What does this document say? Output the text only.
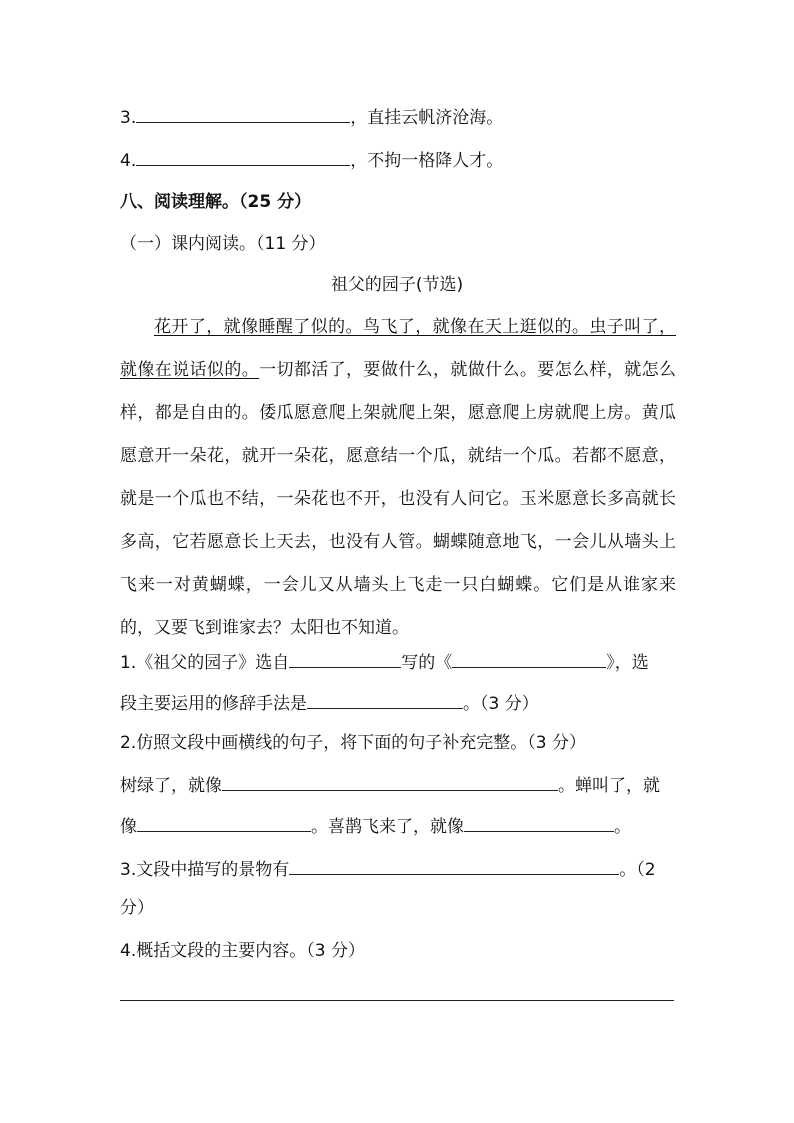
3.	，直挂云帆济沧海。
4.	，不拘一格降人才。
八、阅读理解。（25 分）
（一）课内阅读。（11 分）
祖父的园子(节选)
花开了，就像睡醒了似的。鸟飞了，就像在天上逛似的。虫子叫了，就像在说话似的。一切都活了，要做什么，就做什么。要怎么样，就怎么样，都是自由的。倭瓜愿意爬上架就爬上架，愿意爬上房就爬上房。黄瓜愿意开一朵花，就开一朵花，愿意结一个瓜，就结一个瓜。若都不愿意，就是一个瓜也不结，一朵花也不开，也没有人问它。玉米愿意长多高就长多高，它若愿意长上天去，也没有人管。蝴蝶随意地飞，一会儿从墙头上飞来一对黄蝴蝶，一会儿又从墙头上飞走一只白蝴蝶。它们是从谁家来的，又要飞到谁家去？太阳也不知道。
1.《祖父的园子》选自	写的《	》，选
段主要运用的修辞手法是	。（3 分）
2.仿照文段中画横线的句子，将下面的句子补充完整。（3 分）
树绿了，就像	。蝉叫了，就
像	。喜鹊飞来了，就像	。
3.文段中描写的景物有	。（2
分）
4.概括文段的主要内容。（3 分）
